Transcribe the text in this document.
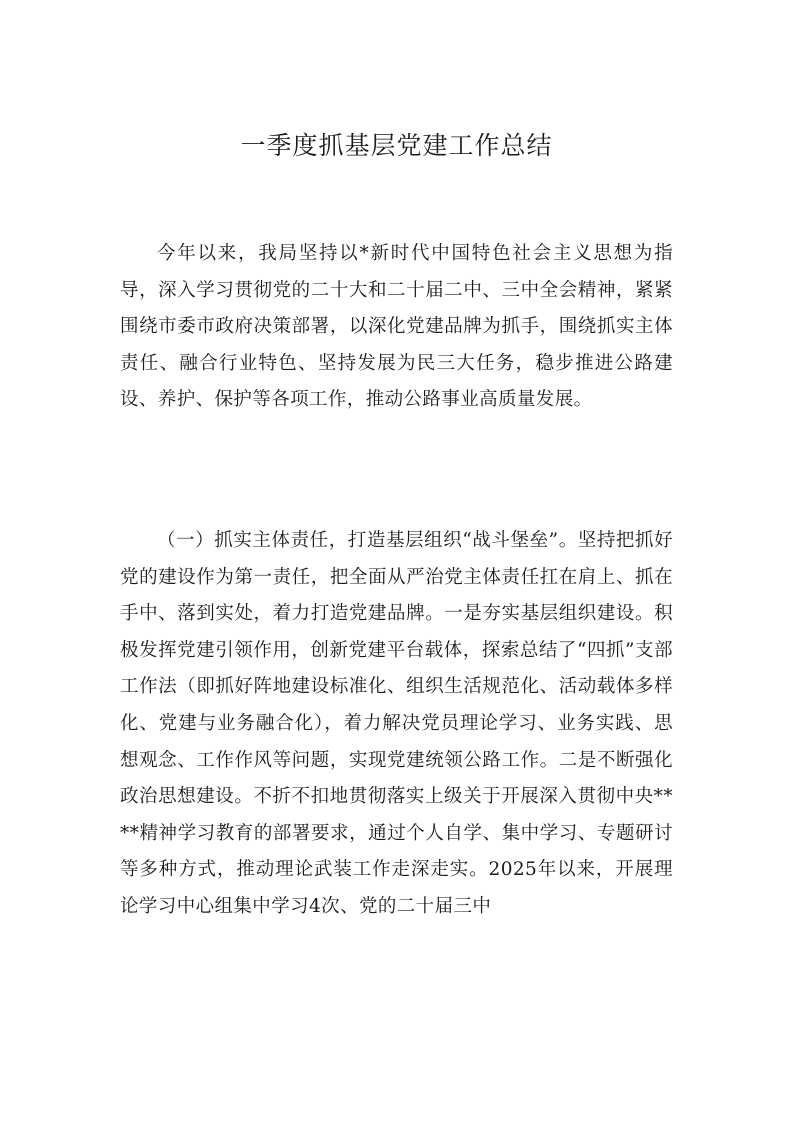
一季度抓基层党建工作总结

今年以来，我局坚持以*新时代中国特色社会主义思想为指导，深入学习贯彻党的二十大和二十届二中、三中全会精神，紧紧围绕市委市政府决策部署，以深化党建品牌为抓手，围绕抓实主体责任、融合行业特色、坚持发展为民三大任务，稳步推进公路建设、养护、保护等各项工作，推动公路事业高质量发展。

（一）抓实主体责任，打造基层组织“战斗堡垒”。坚持把抓好党的建设作为第一责任，把全面从严治党主体责任扛在肩上、抓在手中、落到实处，着力打造党建品牌。一是夯实基层组织建设。积极发挥党建引领作用，创新党建平台载体，探索总结了“四抓”支部工作法（即抓好阵地建设标准化、组织生活规范化、活动载体多样化、党建与业务融合化），着力解决党员理论学习、业务实践、思想观念、工作作风等问题，实现党建统领公路工作。二是不断强化政治思想建设。不折不扣地贯彻落实上级关于开展深入贯彻中央****精神学习教育的部署要求，通过个人自学、集中学习、专题研讨等多种方式，推动理论武装工作走深走实。2025年以来，开展理论学习中心组集中学习4次、党的二十届三中
